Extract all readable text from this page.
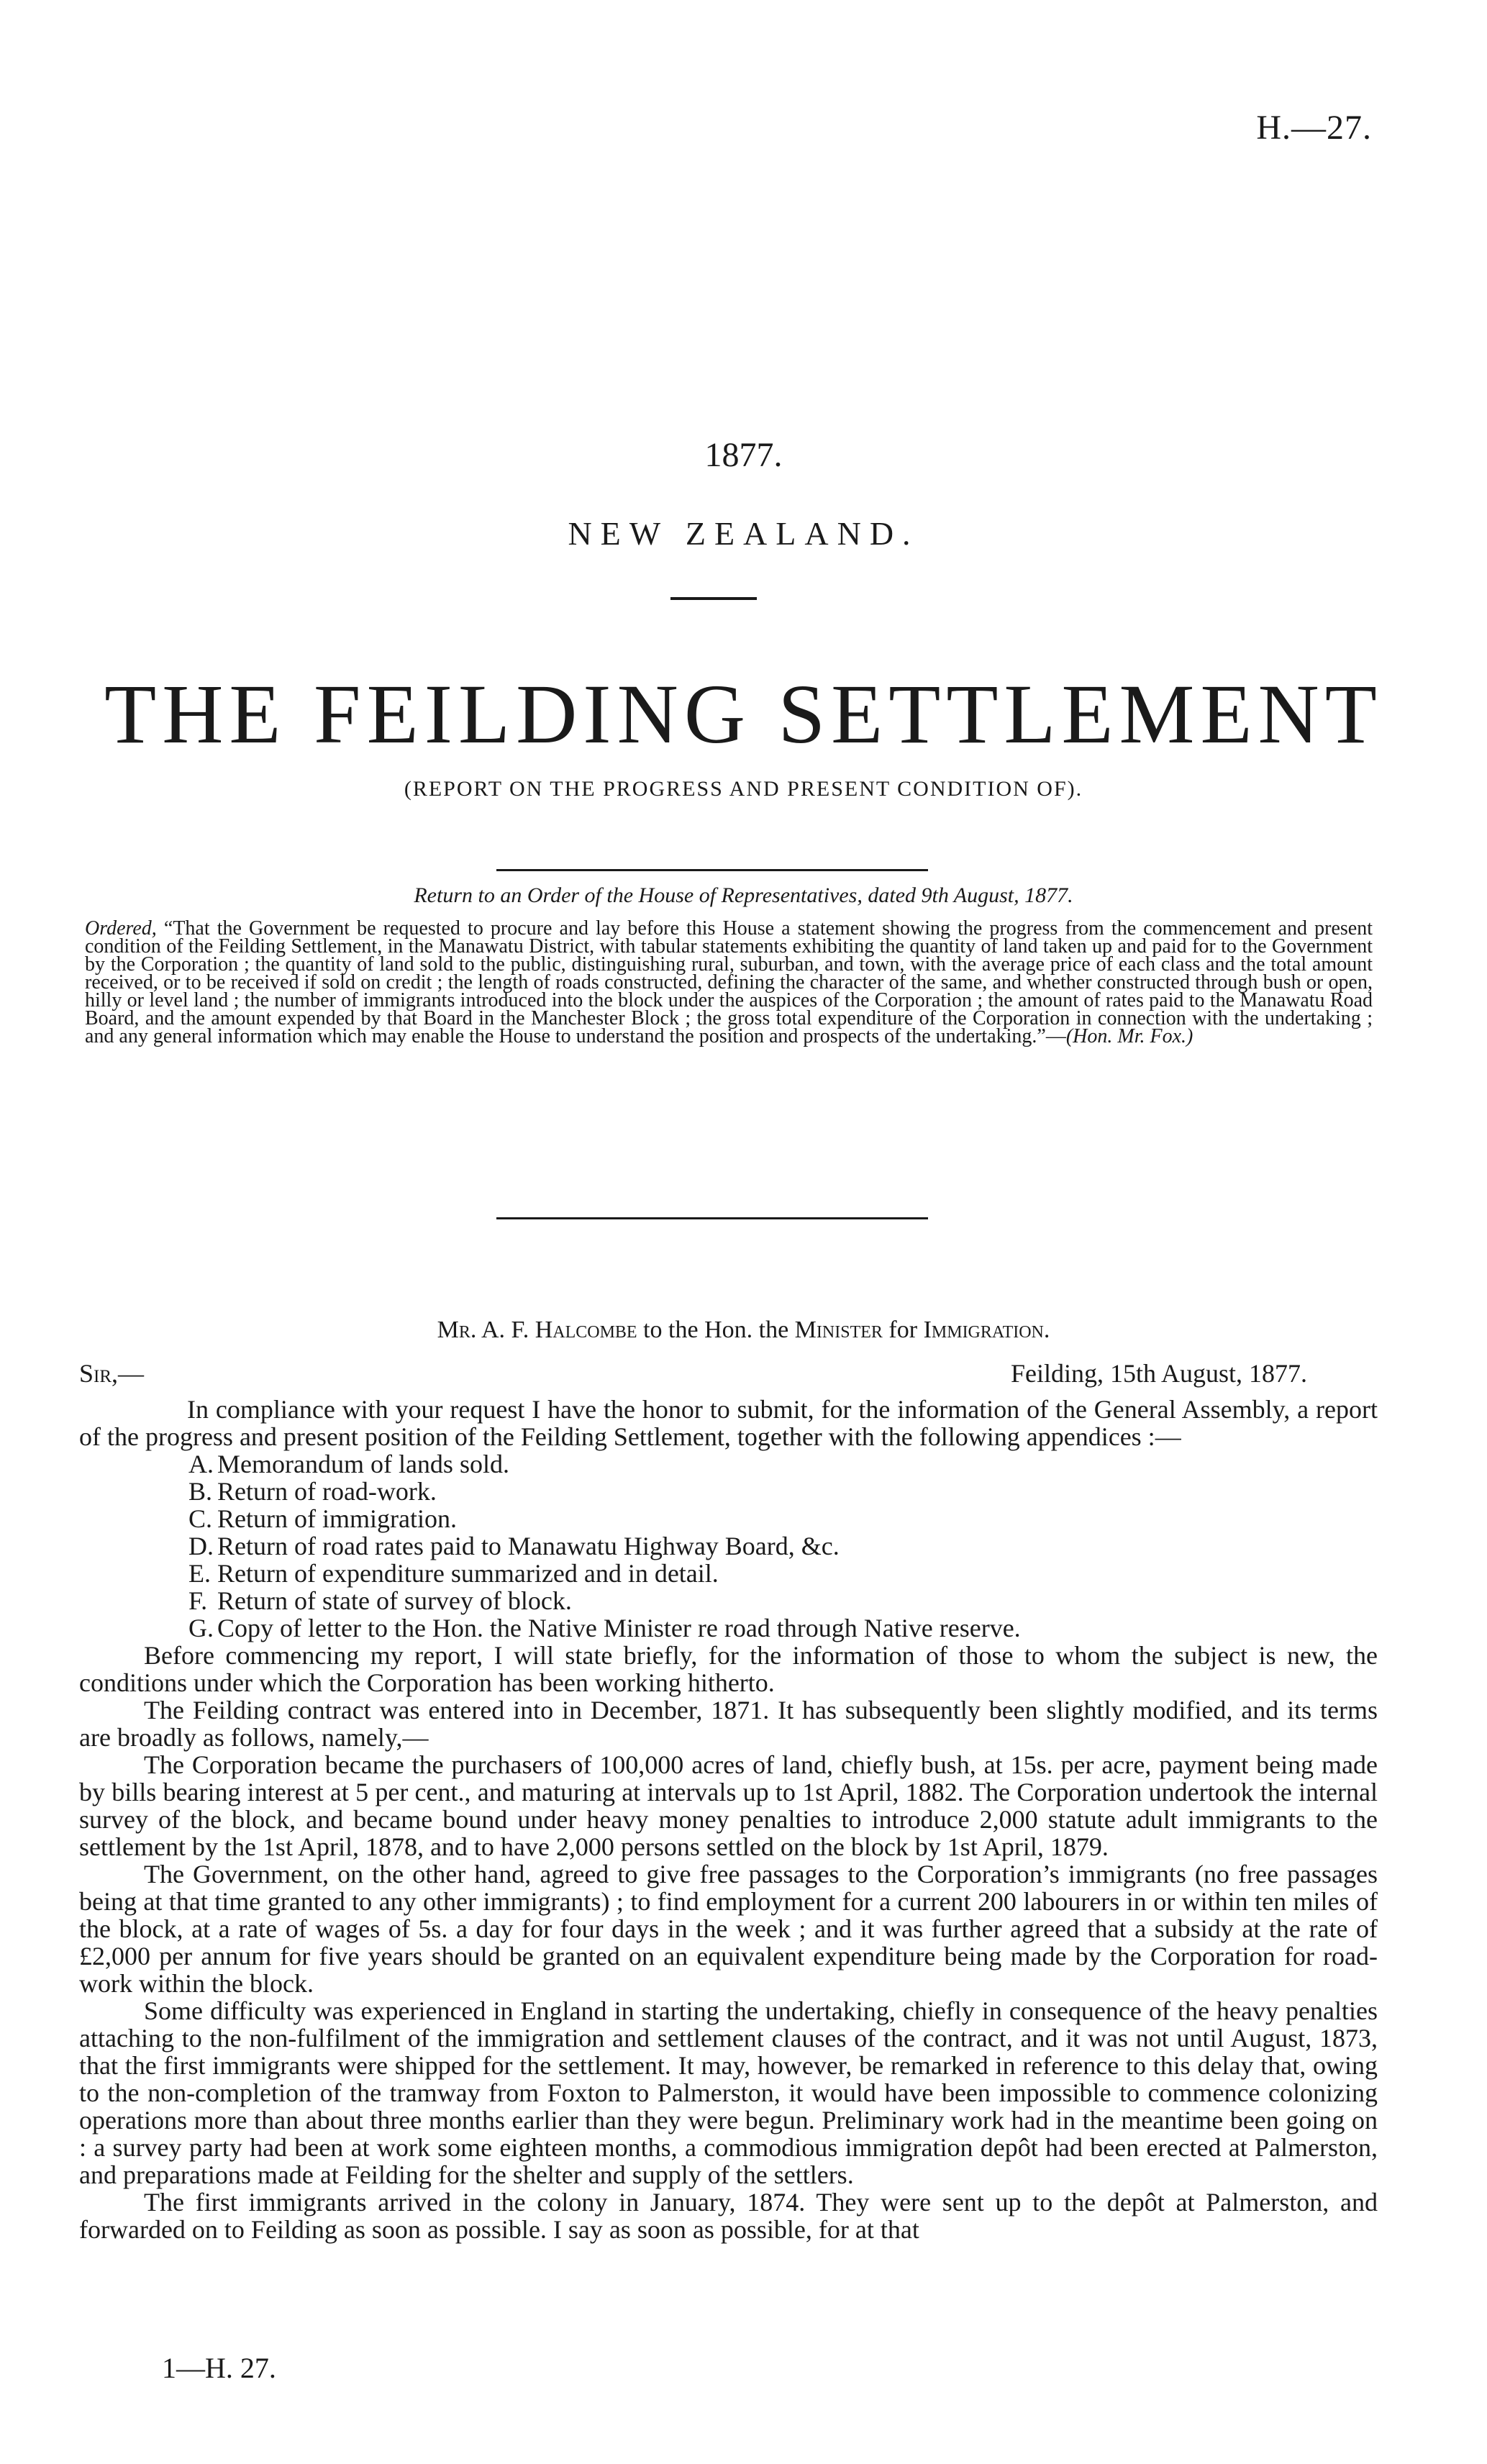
H.—27.
1877.
NEW ZEALAND.
THE FEILDING SETTLEMENT
(REPORT ON THE PROGRESS AND PRESENT CONDITION OF).
Return to an Order of the House of Representatives, dated 9th August, 1877.
Ordered, “That the Government be requested to procure and lay before this House a statement showing the progress from the commencement and present condition of the Feilding Settlement, in the Manawatu District, with tabular statements exhibiting the quantity of land taken up and paid for to the Government by the Corporation ; the quantity of land sold to the public, distinguishing rural, suburban, and town, with the average price of each class and the total amount received, or to be received if sold on credit ; the length of roads constructed, defining the character of the same, and whether constructed through bush or open, hilly or level land ; the number of immigrants introduced into the block under the auspices of the Corporation ; the amount of rates paid to the Manawatu Road Board, and the amount expended by that Board in the Manchester Block ; the gross total expenditure of the Corporation in connection with the undertaking ; and any general information which may enable the House to understand the position and prospects of the undertaking.”—(Hon. Mr. Fox.)
Mr. A. F. Halcombe to the Hon. the Minister for Immigration.
Sir,—	Feilding, 15th August, 1877.

In compliance with your request I have the honor to submit, for the information of the General Assembly, a report of the progress and present position of the Feilding Settlement, together with the following appendices :—

A. Memorandum of lands sold.
B. Return of road-work.
C. Return of immigration.
D. Return of road rates paid to Manawatu Highway Board, &c.
E. Return of expenditure summarized and in detail.
F. Return of state of survey of block.
G. Copy of letter to the Hon. the Native Minister re road through Native reserve.

Before commencing my report, I will state briefly, for the information of those to whom the subject is new, the conditions under which the Corporation has been working hitherto.

The Feilding contract was entered into in December, 1871. It has subsequently been slightly modified, and its terms are broadly as follows, namely,—

The Corporation became the purchasers of 100,000 acres of land, chiefly bush, at 15s. per acre, payment being made by bills bearing interest at 5 per cent., and maturing at intervals up to 1st April, 1882. The Corporation undertook the internal survey of the block, and became bound under heavy money penalties to introduce 2,000 statute adult immigrants to the settlement by the 1st April, 1878, and to have 2,000 persons settled on the block by 1st April, 1879.

The Government, on the other hand, agreed to give free passages to the Corporation’s immigrants (no free passages being at that time granted to any other immigrants) ; to find employment for a current 200 labourers in or within ten miles of the block, at a rate of wages of 5s. a day for four days in the week ; and it was further agreed that a subsidy at the rate of £2,000 per annum for five years should be granted on an equivalent expenditure being made by the Corporation for road-work within the block.

Some difficulty was experienced in England in starting the undertaking, chiefly in consequence of the heavy penalties attaching to the non-fulfilment of the immigration and settlement clauses of the contract, and it was not until August, 1873, that the first immigrants were shipped for the settlement. It may, however, be remarked in reference to this delay that, owing to the non-completion of the tramway from Foxton to Palmerston, it would have been impossible to commence colonizing operations more than about three months earlier than they were begun. Preliminary work had in the meantime been going on : a survey party had been at work some eighteen months, a commodious immigration depôt had been erected at Palmerston, and preparations made at Feilding for the shelter and supply of the settlers.

The first immigrants arrived in the colony in January, 1874. They were sent up to the depôt at Palmerston, and forwarded on to Feilding as soon as possible. I say as soon as possible, for at that

1—H. 27.
